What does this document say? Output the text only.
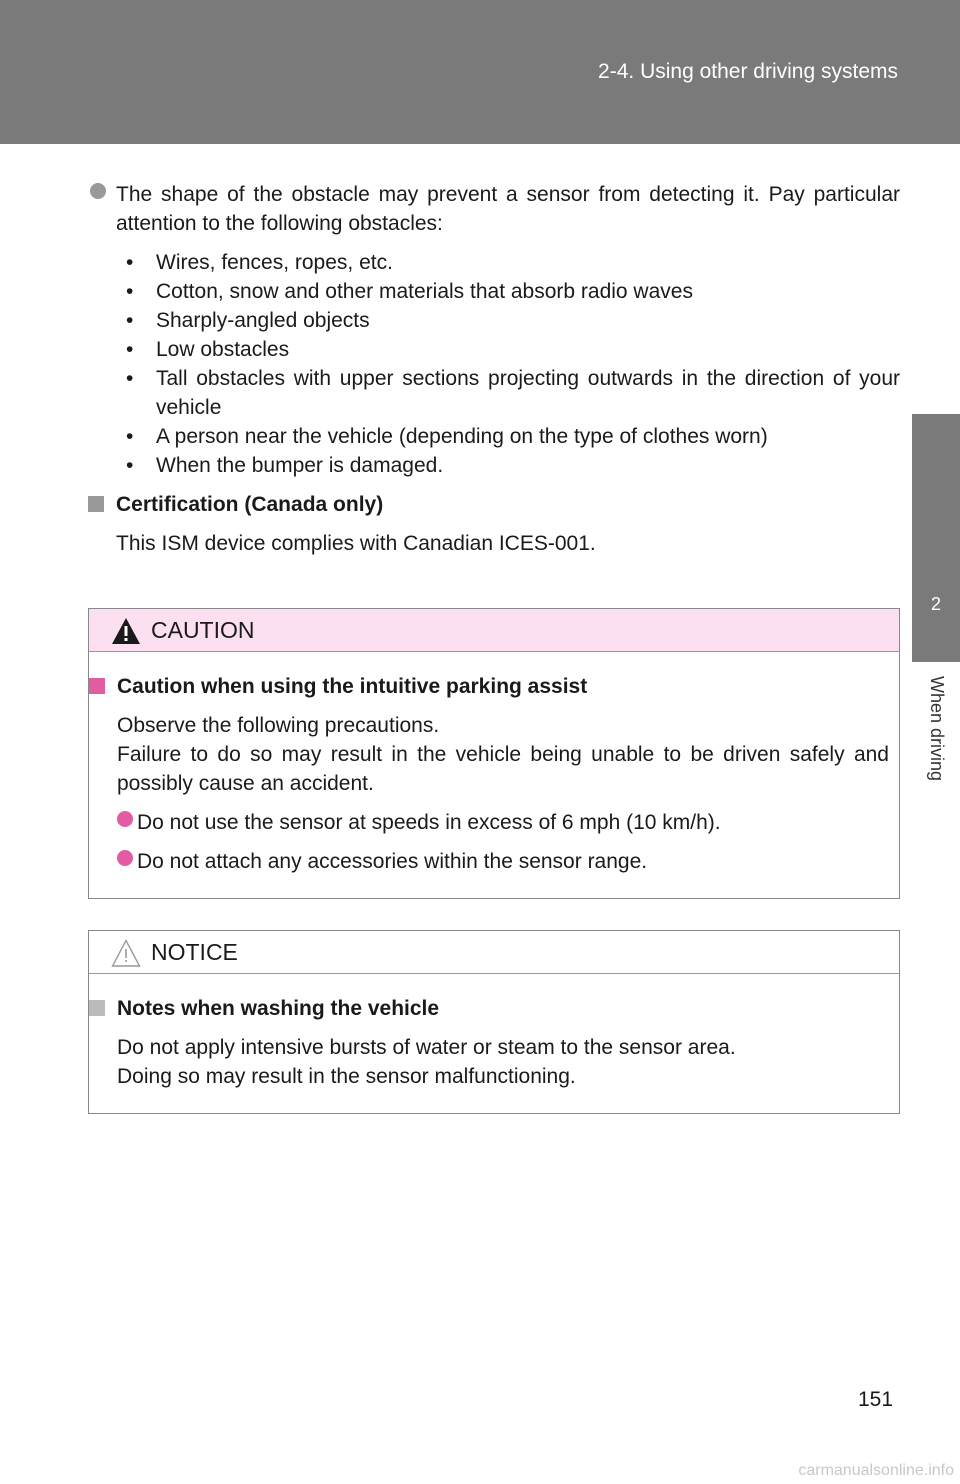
2-4. Using other driving systems
2
When driving
The shape of the obstacle may prevent a sensor from detecting it. Pay particular attention to the following obstacles:
• Wires, fences, ropes, etc.
• Cotton, snow and other materials that absorb radio waves
• Sharply-angled objects
• Low obstacles
• Tall obstacles with upper sections projecting outwards in the direction of your vehicle
• A person near the vehicle (depending on the type of clothes worn)
• When the bumper is damaged.
Certification (Canada only)
This ISM device complies with Canadian ICES-001.
CAUTION
Caution when using the intuitive parking assist
Observe the following precautions.
Failure to do so may result in the vehicle being unable to be driven safely and possibly cause an accident.
Do not use the sensor at speeds in excess of 6 mph (10 km/h).
Do not attach any accessories within the sensor range.
NOTICE
Notes when washing the vehicle
Do not apply intensive bursts of water or steam to the sensor area.
Doing so may result in the sensor malfunctioning.
151
carmanualsonline.info
